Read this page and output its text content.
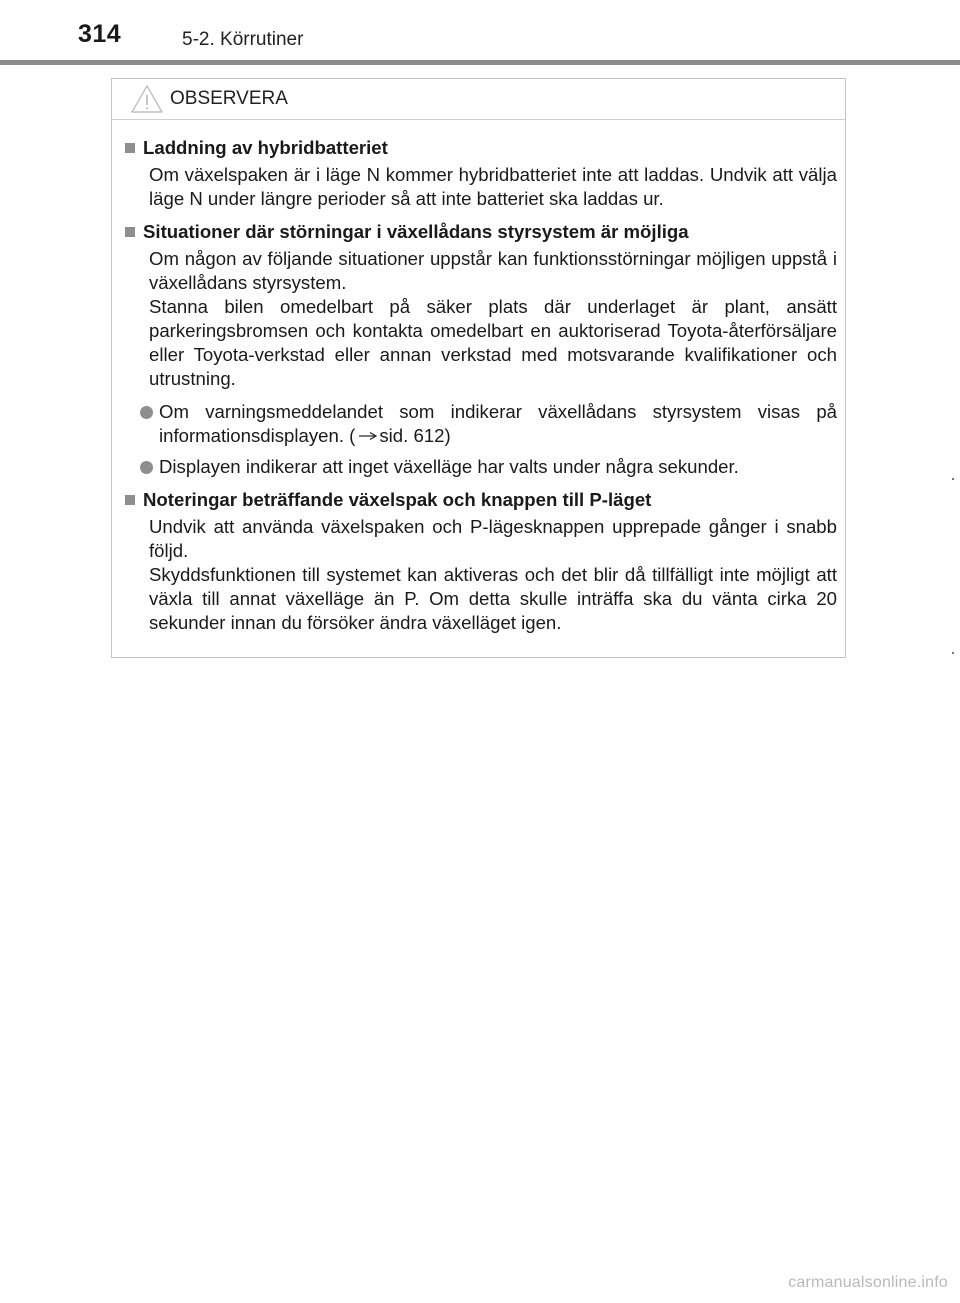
314	5-2. Körrutiner
OBSERVERA
Laddning av hybridbatteriet
Om växelspaken är i läge N kommer hybridbatteriet inte att laddas. Undvik att välja läge N under längre perioder så att inte batteriet ska laddas ur.
Situationer där störningar i växellådans styrsystem är möjliga
Om någon av följande situationer uppstår kan funktionsstörningar möjligen uppstå i växellådans styrsystem.
Stanna bilen omedelbart på säker plats där underlaget är plant, ansätt parkeringsbromsen och kontakta omedelbart en auktoriserad Toyota-återförsäljare eller Toyota-verkstad eller annan verkstad med motsvarande kvalifikationer och utrustning.
Om varningsmeddelandet som indikerar växellådans styrsystem visas på informationsdisplayen. ( sid. 612)
Displayen indikerar att inget växelläge har valts under några sekunder.
Noteringar beträffande växelspak och knappen till P-läget
Undvik att använda växelspaken och P-lägesknappen upprepade gånger i snabb följd.
Skyddsfunktionen till systemet kan aktiveras och det blir då tillfälligt inte möjligt att växla till annat växelläge än P. Om detta skulle inträffa ska du vänta cirka 20 sekunder innan du försöker ändra växelläget igen.
carmanualsonline.info
